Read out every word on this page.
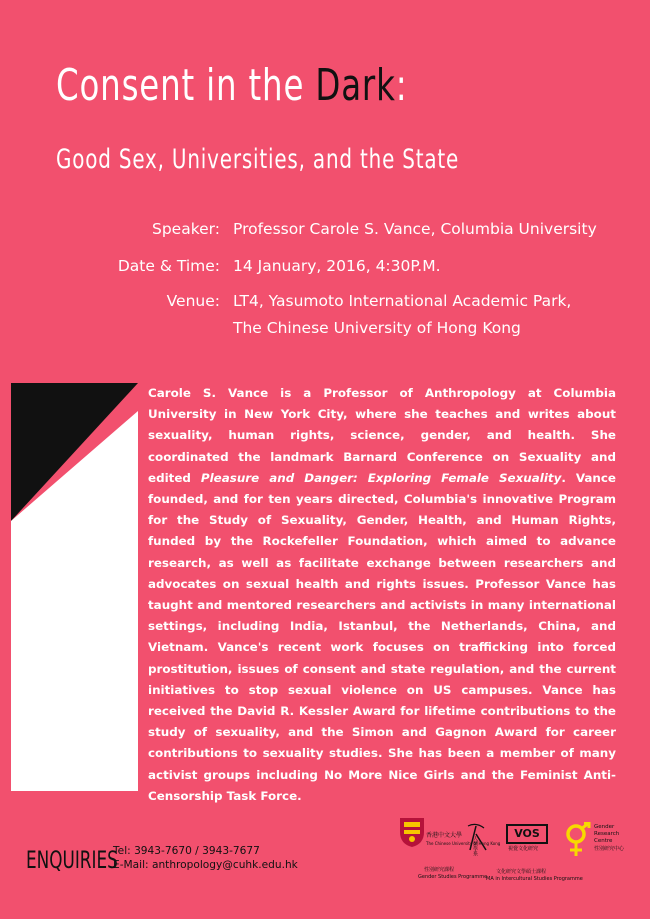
Consent in the Dark:
Good Sex, Universities, and the State
Speaker: Professor Carole S. Vance, Columbia University
Date & Time: 14 January, 2016, 4:30P.M.
Venue: LT4, Yasumoto International Academic Park,
The Chinese University of Hong Kong

Carole S. Vance is a Professor of Anthropology at Columbia University in New York City, where she teaches and writes about sexuality, human rights, science, gender, and health. She coordinated the landmark Barnard Conference on Sexuality and edited Pleasure and Danger: Exploring Female Sexuality. Vance founded, and for ten years directed, Columbia's innovative Program for the Study of Sexuality, Gender, Health, and Human Rights, funded by the Rockefeller Foundation, which aimed to advance research, as well as facilitate exchange between researchers and advocates on sexual health and rights issues. Professor Vance has taught and mentored researchers and activists in many international settings, including India, Istanbul, the Netherlands, China, and Vietnam. Vance's recent work focuses on trafficking into forced prostitution, issues of consent and state regulation, and the current initiatives to stop sexual violence on US campuses. Vance has received the David R. Kessler Award for lifetime contributions to the study of sexuality, and the Simon and Gagnon Award for career contributions to sexuality studies. She has been a member of many activist groups including No More Nice Girls and the Feminist Anti-Censorship Task Force.

ENQUIRIES
Tel: 3943-7670 / 3943-7677
E-Mail: anthropology@cuhk.edu.hk
香港中文大學
The Chinese University of Hong Kong
性別研究課程
Gender Studies Programme
人類學系
VOS
視覺文化研究
文化研究文學碩士課程
MA in Intercultural Studies Programme
Gender Research Centre
性別研究中心
